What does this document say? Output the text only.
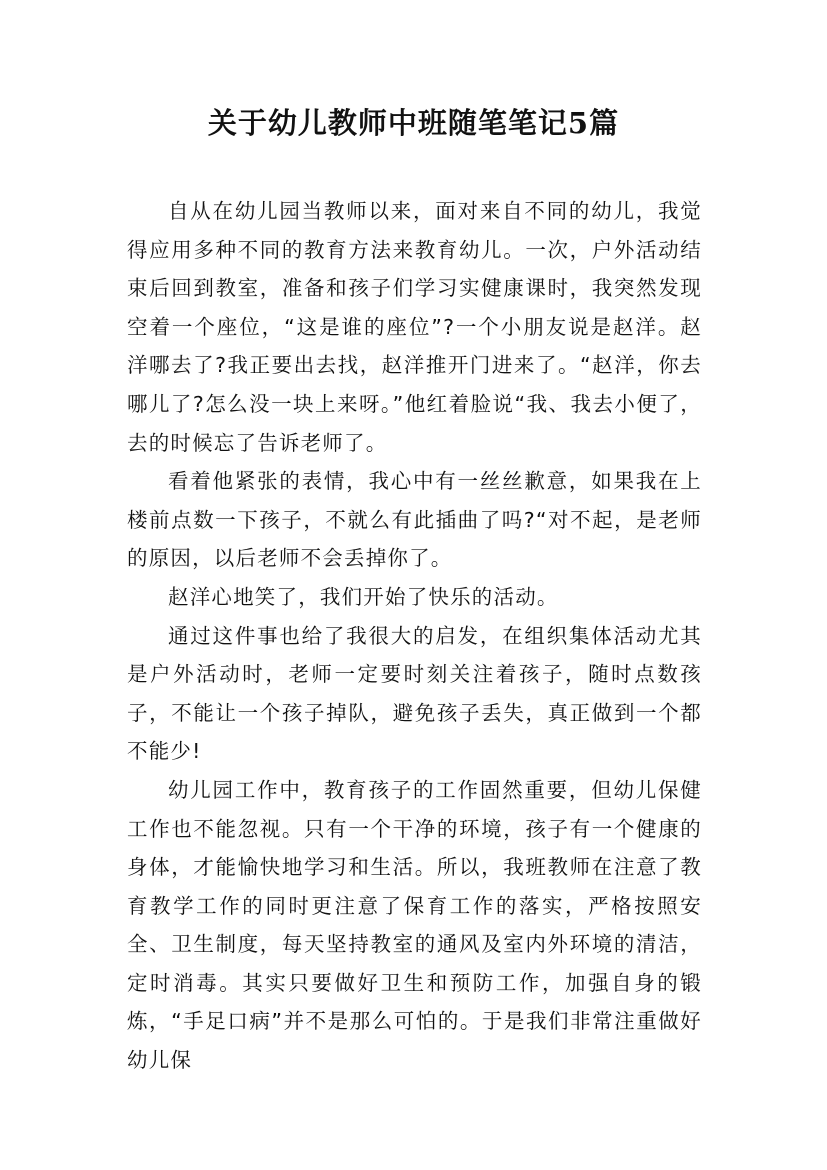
关于幼儿教师中班随笔笔记5篇

自从在幼儿园当教师以来，面对来自不同的幼儿，我觉得应用多种不同的教育方法来教育幼儿。一次，户外活动结束后回到教室，准备和孩子们学习实健康课时，我突然发现空着一个座位，“这是谁的座位”?一个小朋友说是赵洋。赵洋哪去了?我正要出去找，赵洋推开门进来了。“赵洋，你去哪儿了?怎么没一块上来呀。”他红着脸说“我、我去小便了，去的时候忘了告诉老师了。

看着他紧张的表情，我心中有一丝丝歉意，如果我在上楼前点数一下孩子，不就么有此插曲了吗?“对不起，是老师的原因，以后老师不会丢掉你了。

赵洋心地笑了，我们开始了快乐的活动。

通过这件事也给了我很大的启发，在组织集体活动尤其是户外活动时，老师一定要时刻关注着孩子，随时点数孩子，不能让一个孩子掉队，避免孩子丢失，真正做到一个都不能少!

幼儿园工作中，教育孩子的工作固然重要，但幼儿保健工作也不能忽视。只有一个干净的环境，孩子有一个健康的身体，才能愉快地学习和生活。所以，我班教师在注意了教育教学工作的同时更注意了保育工作的落实，严格按照安全、卫生制度，每天坚持教室的通风及室内外环境的清洁，定时消毒。其实只要做好卫生和预防工作，加强自身的锻炼，“手足口病”并不是那么可怕的。于是我们非常注重做好幼儿保
